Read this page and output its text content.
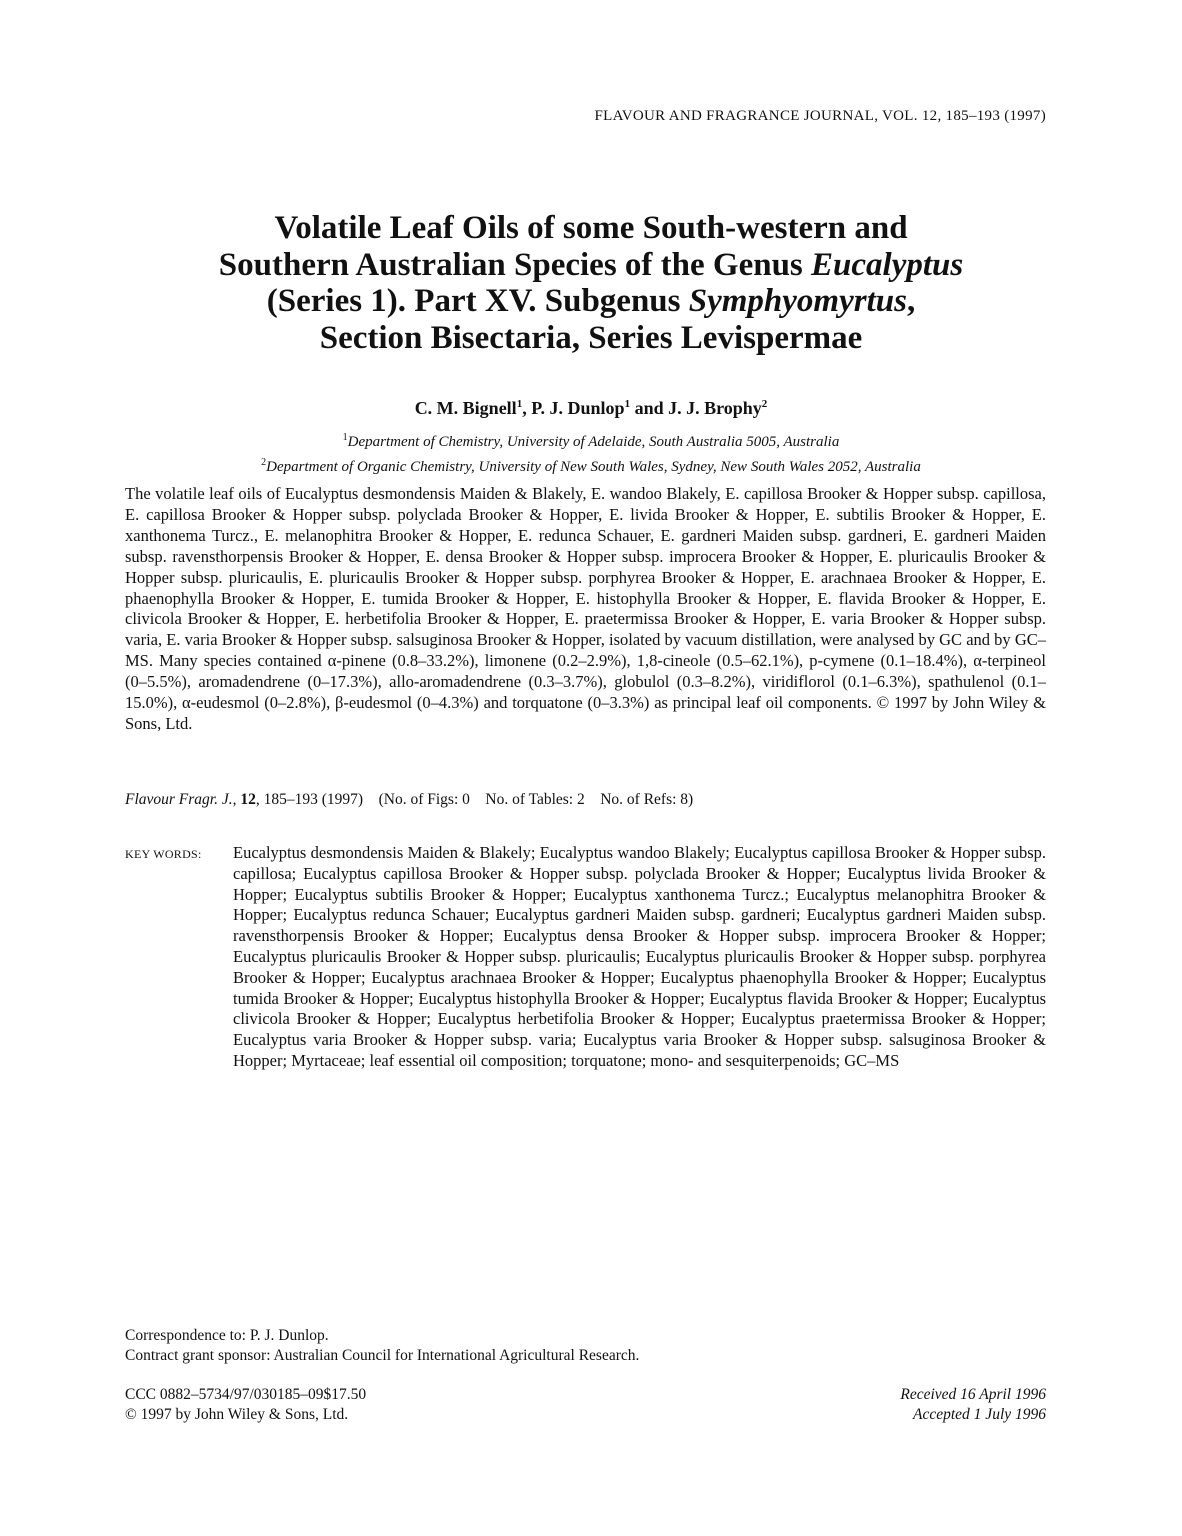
FLAVOUR AND FRAGRANCE JOURNAL, VOL. 12, 185–193 (1997)
Volatile Leaf Oils of some South-western and
Southern Australian Species of the Genus Eucalyptus
(Series 1). Part XV. Subgenus Symphyomyrtus,
Section Bisectaria, Series Levispermae
C. M. Bignell$^1$, P. J. Dunlop$^1$ and J. J. Brophy$^2$
$^1$Department of Chemistry, University of Adelaide, South Australia 5005, Australia
$^2$Department of Organic Chemistry, University of New South Wales, Sydney, New South Wales 2052, Australia
The volatile leaf oils of Eucalyptus desmondensis Maiden & Blakely, E. wandoo Blakely, E. capillosa Brooker & Hopper subsp. capillosa, E. capillosa Brooker & Hopper subsp. polyclada Brooker & Hopper, E. livida Brooker & Hopper, E. subtilis Brooker & Hopper, E. xanthonema Turcz., E. melanophitra Brooker & Hopper, E. redunca Schauer, E. gardneri Maiden subsp. gardneri, E. gardneri Maiden subsp. ravensthorpensis Brooker & Hopper, E. densa Brooker & Hopper subsp. improcera Brooker & Hopper, E. pluricaulis Brooker & Hopper subsp. pluricaulis, E. pluricaulis Brooker & Hopper subsp. porphyrea Brooker & Hopper, E. arachnaea Brooker & Hopper, E. phaenophylla Brooker & Hopper, E. tumida Brooker & Hopper, E. histophylla Brooker & Hopper, E. flavida Brooker & Hopper, E. clivicola Brooker & Hopper, E. herbetifolia Brooker & Hopper, E. praetermissa Brooker & Hopper, E. varia Brooker & Hopper subsp. varia, E. varia Brooker & Hopper subsp. salsuginosa Brooker & Hopper, isolated by vacuum distillation, were analysed by GC and by GC–MS. Many species contained α-pinene (0.8–33.2%), limonene (0.2–2.9%), 1,8-cineole (0.5–62.1%), p-cymene (0.1–18.4%), α-terpineol (0–5.5%), aromadendrene (0–17.3%), allo-aromadendrene (0.3–3.7%), globulol (0.3–8.2%), viridiflorol (0.1–6.3%), spathulenol (0.1–15.0%), α-eudesmol (0–2.8%), β-eudesmol (0–4.3%) and torquatone (0–3.3%) as principal leaf oil components. © 1997 by John Wiley & Sons, Ltd.
Flavour Fragr. J., 12, 185–193 (1997)    (No. of Figs: 0    No. of Tables: 2    No. of Refs: 8)
KEY WORDS: Eucalyptus desmondensis Maiden & Blakely; Eucalyptus wandoo Blakely; Eucalyptus capillosa Brooker & Hopper subsp. capillosa; Eucalyptus capillosa Brooker & Hopper subsp. polyclada Brooker & Hopper; Eucalyptus livida Brooker & Hopper; Eucalyptus subtilis Brooker & Hopper; Eucalyptus xanthonema Turcz.; Eucalyptus melanophitra Brooker & Hopper; Eucalyptus redunca Schauer; Eucalyptus gardneri Maiden subsp. gardneri; Eucalyptus gardneri Maiden subsp. ravensthorpensis Brooker & Hopper; Eucalyptus densa Brooker & Hopper subsp. improcera Brooker & Hopper; Eucalyptus pluricaulis Brooker & Hopper subsp. pluricaulis; Eucalyptus pluricaulis Brooker & Hopper subsp. porphyrea Brooker & Hopper; Eucalyptus arachnaea Brooker & Hopper; Eucalyptus phaenophylla Brooker & Hopper; Eucalyptus tumida Brooker & Hopper; Eucalyptus histophylla Brooker & Hopper; Eucalyptus flavida Brooker & Hopper; Eucalyptus clivicola Brooker & Hopper; Eucalyptus herbetifolia Brooker & Hopper; Eucalyptus praetermissa Brooker & Hopper; Eucalyptus varia Brooker & Hopper subsp. varia; Eucalyptus varia Brooker & Hopper subsp. salsuginosa Brooker & Hopper; Myrtaceae; leaf essential oil composition; torquatone; mono- and sesquiterpenoids; GC–MS
Correspondence to: P. J. Dunlop.
Contract grant sponsor: Australian Council for International Agricultural Research.
CCC 0882–5734/97/030185–09$17.50
© 1997 by John Wiley & Sons, Ltd.
Received 16 April 1996
Accepted 1 July 1996
